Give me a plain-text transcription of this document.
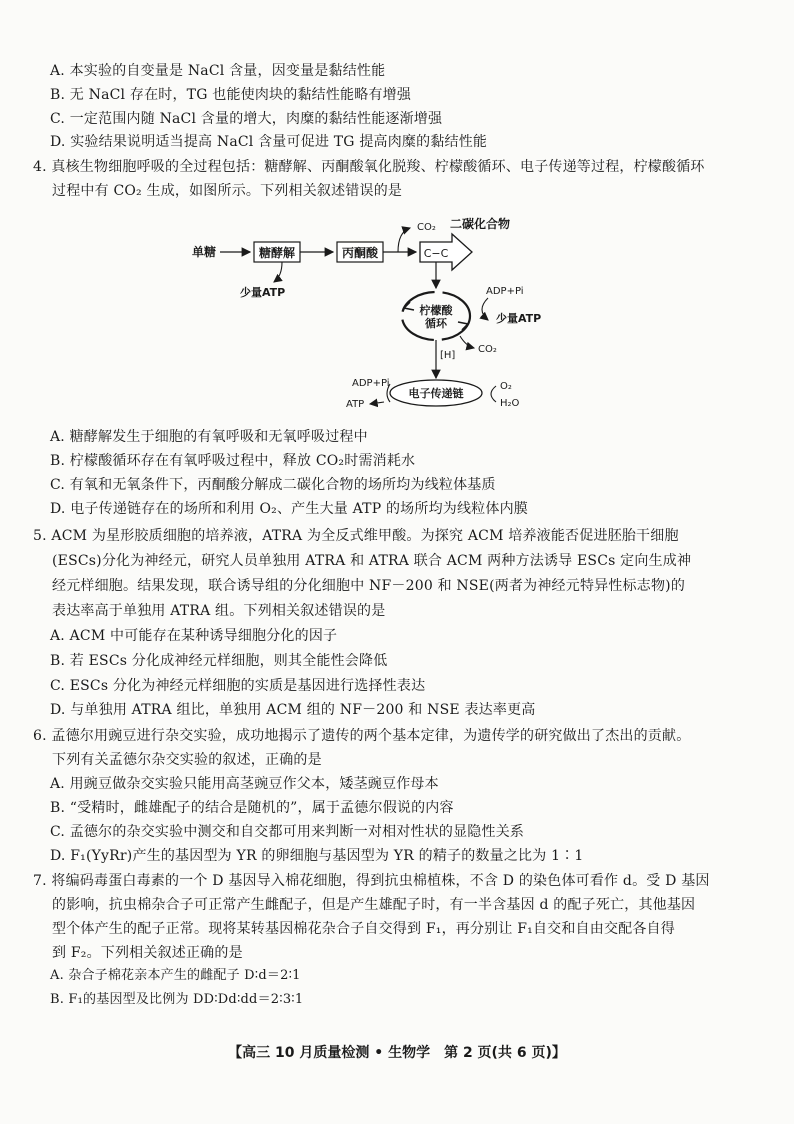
A. 本实验的自变量是 NaCl 含量，因变量是黏结性能
B. 无 NaCl 存在时，TG 也能使肉块的黏结性能略有增强
C. 一定范围内随 NaCl 含量的增大，肉糜的黏结性能逐渐增强
D. 实验结果说明适当提高 NaCl 含量可促进 TG 提高肉糜的黏结性能
4. 真核生物细胞呼吸的全过程包括：糖酵解、丙酮酸氧化脱羧、柠檬酸循环、电子传递等过程，柠檬酸循环
过程中有 CO₂ 生成，如图所示。下列相关叙述错误的是
单糖	糖酵解
少量ATP
丙酮酸
CO₂
C−C
二碳化合物
柠檬酸
循环
ADP+Pi
少量ATP
[H]
CO₂
电子传递链
ADP+Pi
ATP
O₂
H₂O
A. 糖酵解发生于细胞的有氧呼吸和无氧呼吸过程中
B. 柠檬酸循环存在有氧呼吸过程中，释放 CO₂时需消耗水
C. 有氧和无氧条件下，丙酮酸分解成二碳化合物的场所均为线粒体基质
D. 电子传递链存在的场所和利用 O₂、产生大量 ATP 的场所均为线粒体内膜
5. ACM 为星形胶质细胞的培养液，ATRA 为全反式维甲酸。为探究 ACM 培养液能否促进胚胎干细胞
(ESCs)分化为神经元，研究人员单独用 ATRA 和 ATRA 联合 ACM 两种方法诱导 ESCs 定向生成神
经元样细胞。结果发现，联合诱导组的分化细胞中 NF－200 和 NSE(两者为神经元特异性标志物)的
表达率高于单独用 ATRA 组。下列相关叙述错误的是
A. ACM 中可能存在某种诱导细胞分化的因子
B. 若 ESCs 分化成神经元样细胞，则其全能性会降低
C. ESCs 分化为神经元样细胞的实质是基因进行选择性表达
D. 与单独用 ATRA 组比，单独用 ACM 组的 NF－200 和 NSE 表达率更高
6. 孟德尔用豌豆进行杂交实验，成功地揭示了遗传的两个基本定律，为遗传学的研究做出了杰出的贡献。
下列有关孟德尔杂交实验的叙述，正确的是
A. 用豌豆做杂交实验只能用高茎豌豆作父本，矮茎豌豆作母本
B. “受精时，雌雄配子的结合是随机的”，属于孟德尔假说的内容
C. 孟德尔的杂交实验中测交和自交都可用来判断一对相对性状的显隐性关系
D. F₁(YyRr)产生的基因型为 YR 的卵细胞与基因型为 YR 的精子的数量之比为 1∶1
7. 将编码毒蛋白毒素的一个 D 基因导入棉花细胞，得到抗虫棉植株，不含 D 的染色体可看作 d。受 D 基因
的影响，抗虫棉杂合子可正常产生雌配子，但是产生雄配子时，有一半含基因 d 的配子死亡，其他基因
型个体产生的配子正常。现将某转基因棉花杂合子自交得到 F₁，再分别让 F₁自交和自由交配各自得
到 F₂。下列相关叙述正确的是
A. 杂合子棉花亲本产生的雌配子 D∶d＝2∶1
B. F₁的基因型及比例为 DD∶Dd∶dd＝2∶3∶1
【高三 10 月质量检测 • 生物学　第 2 页(共 6 页)】
